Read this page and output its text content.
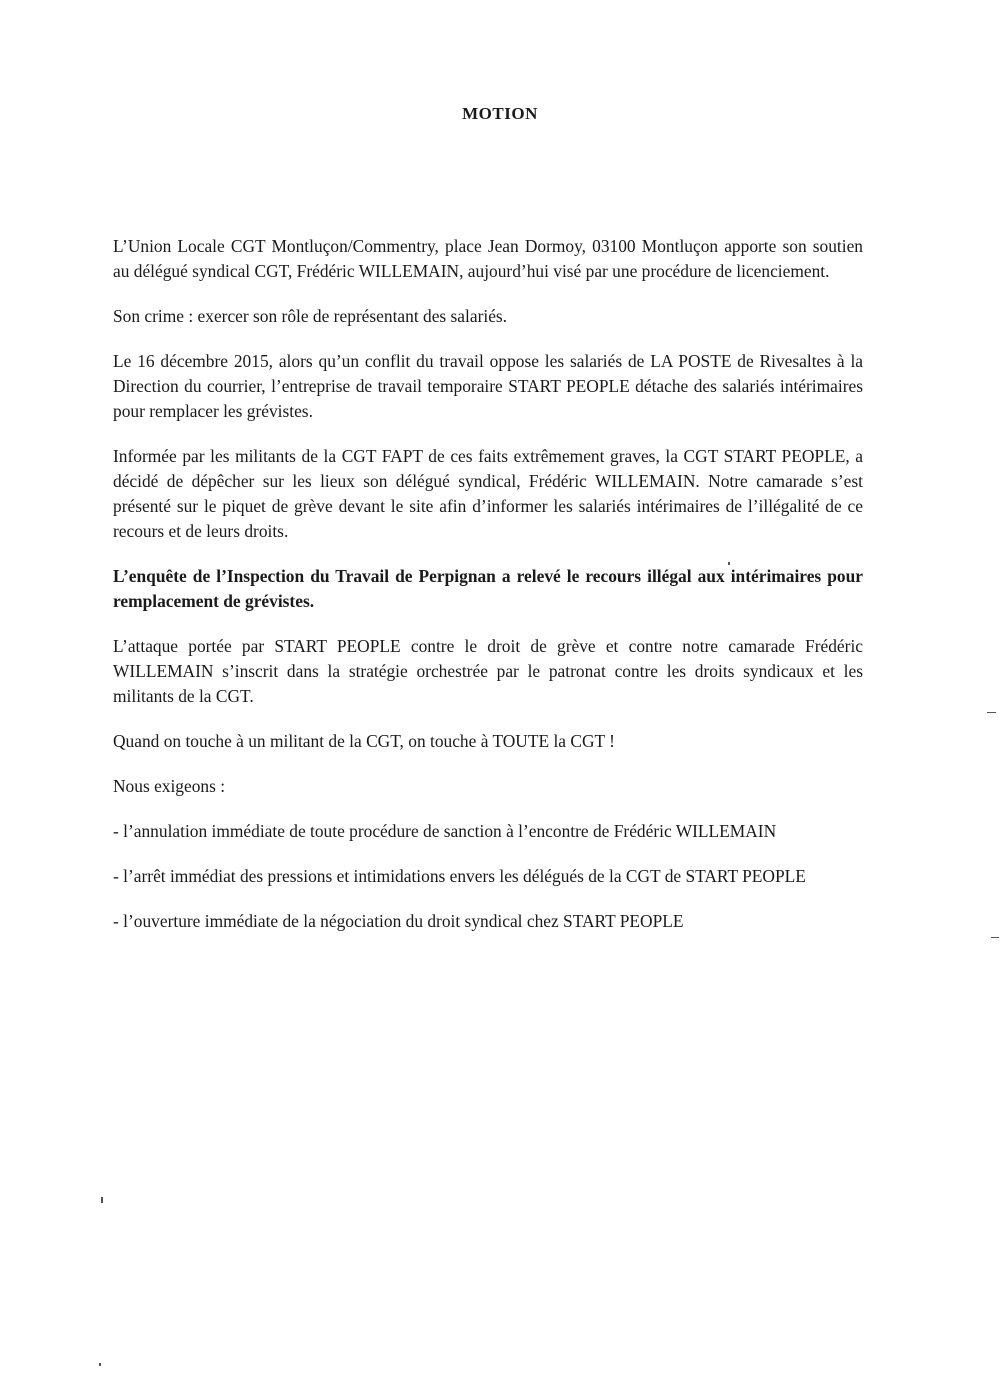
MOTION

L’Union Locale CGT Montluçon/Commentry, place Jean Dormoy, 03100 Montluçon apporte son soutien au délégué syndical CGT, Frédéric WILLEMAIN, aujourd’hui visé par une procédure de licenciement.

Son crime : exercer son rôle de représentant des salariés.

Le 16 décembre 2015, alors qu’un conflit du travail oppose les salariés de LA POSTE de Rivesaltes à la Direction du courrier, l’entreprise de travail temporaire START PEOPLE détache des salariés intérimaires pour remplacer les grévistes.

Informée par les militants de la CGT FAPT de ces faits extrêmement graves, la CGT START PEOPLE, a décidé de dépêcher sur les lieux son délégué syndical, Frédéric WILLEMAIN. Notre camarade s’est présenté sur le piquet de grève devant le site afin d’informer les salariés intérimaires de l’illégalité de ce recours et de leurs droits.

L’enquête de l’Inspection du Travail de Perpignan a relevé le recours illégal aux intérimaires pour remplacement de grévistes.

L’attaque portée par START PEOPLE contre le droit de grève et contre notre camarade Frédéric WILLEMAIN s’inscrit dans la stratégie orchestrée par le patronat contre les droits syndicaux et les militants de la CGT.

Quand on touche à un militant de la CGT, on touche à TOUTE la CGT !

Nous exigeons :

- l’annulation immédiate de toute procédure de sanction à l’encontre de Frédéric WILLEMAIN

- l’arrêt immédiat des pressions et intimidations envers les délégués de la CGT de START PEOPLE

- l’ouverture immédiate de la négociation du droit syndical chez START PEOPLE
